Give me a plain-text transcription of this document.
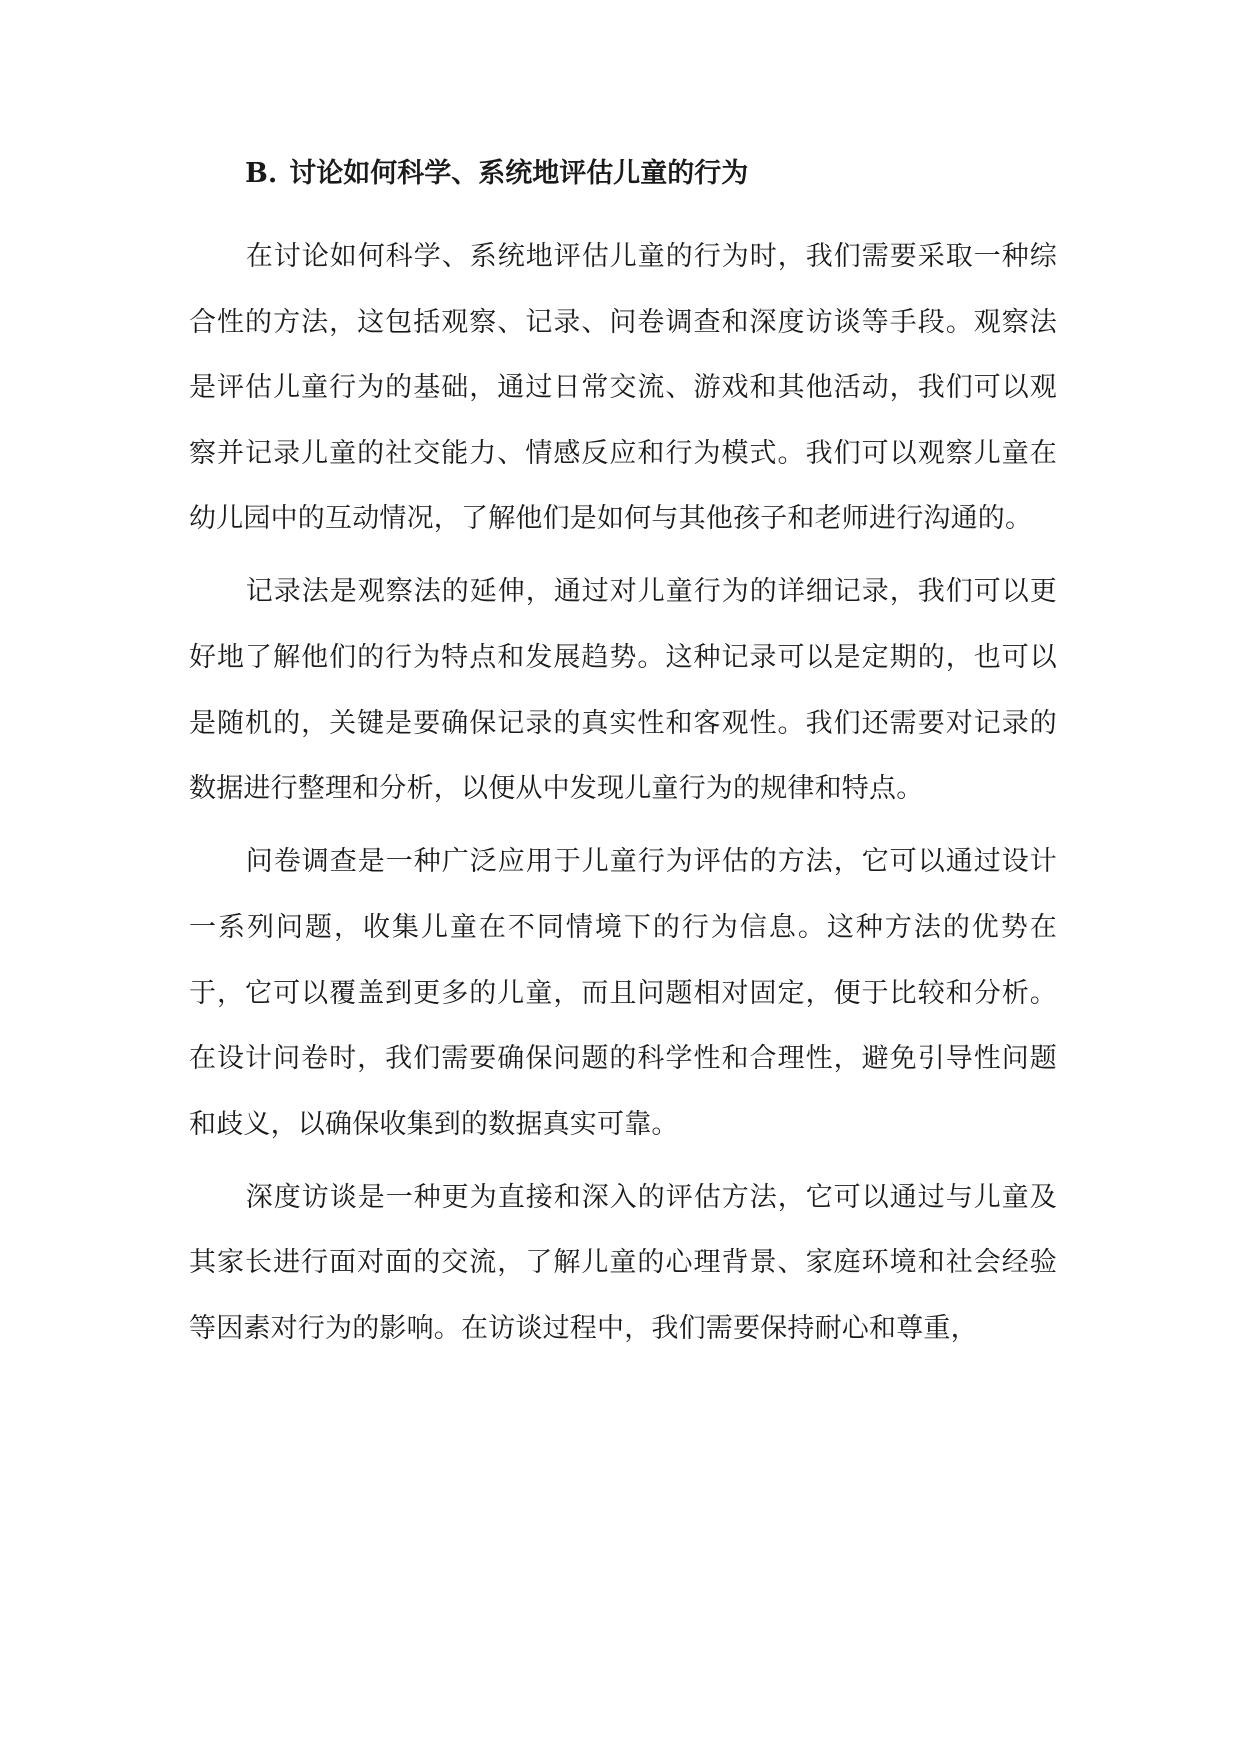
B. 讨论如何科学、系统地评估儿童的行为

在讨论如何科学、系统地评估儿童的行为时，我们需要采取一种综合性的方法，这包括观察、记录、问卷调查和深度访谈等手段。观察法是评估儿童行为的基础，通过日常交流、游戏和其他活动，我们可以观察并记录儿童的社交能力、情感反应和行为模式。我们可以观察儿童在幼儿园中的互动情况，了解他们是如何与其他孩子和老师进行沟通的。

记录法是观察法的延伸，通过对儿童行为的详细记录，我们可以更好地了解他们的行为特点和发展趋势。这种记录可以是定期的，也可以是随机的，关键是要确保记录的真实性和客观性。我们还需要对记录的数据进行整理和分析，以便从中发现儿童行为的规律和特点。

问卷调查是一种广泛应用于儿童行为评估的方法，它可以通过设计一系列问题，收集儿童在不同情境下的行为信息。这种方法的优势在于，它可以覆盖到更多的儿童，而且问题相对固定，便于比较和分析。在设计问卷时，我们需要确保问题的科学性和合理性，避免引导性问题和歧义，以确保收集到的数据真实可靠。

深度访谈是一种更为直接和深入的评估方法，它可以通过与儿童及其家长进行面对面的交流，了解儿童的心理背景、家庭环境和社会经验等因素对行为的影响。在访谈过程中，我们需要保持耐心和尊重，
